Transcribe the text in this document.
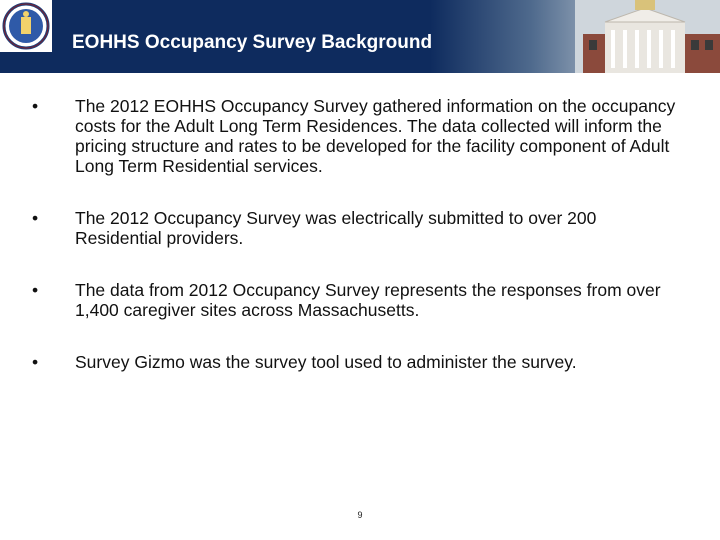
EOHHS Occupancy Survey Background
• The 2012 EOHHS Occupancy Survey gathered information on the occupancy costs for the Adult Long Term Residences. The data collected will inform the pricing structure and rates to be developed for the facility component of Adult Long Term Residential services.
• The 2012 Occupancy Survey was electrically submitted to over 200 Residential providers.
• The data from 2012 Occupancy Survey represents the responses from over 1,400 caregiver sites across Massachusetts.
• Survey Gizmo was the survey tool used to administer the survey.
9
